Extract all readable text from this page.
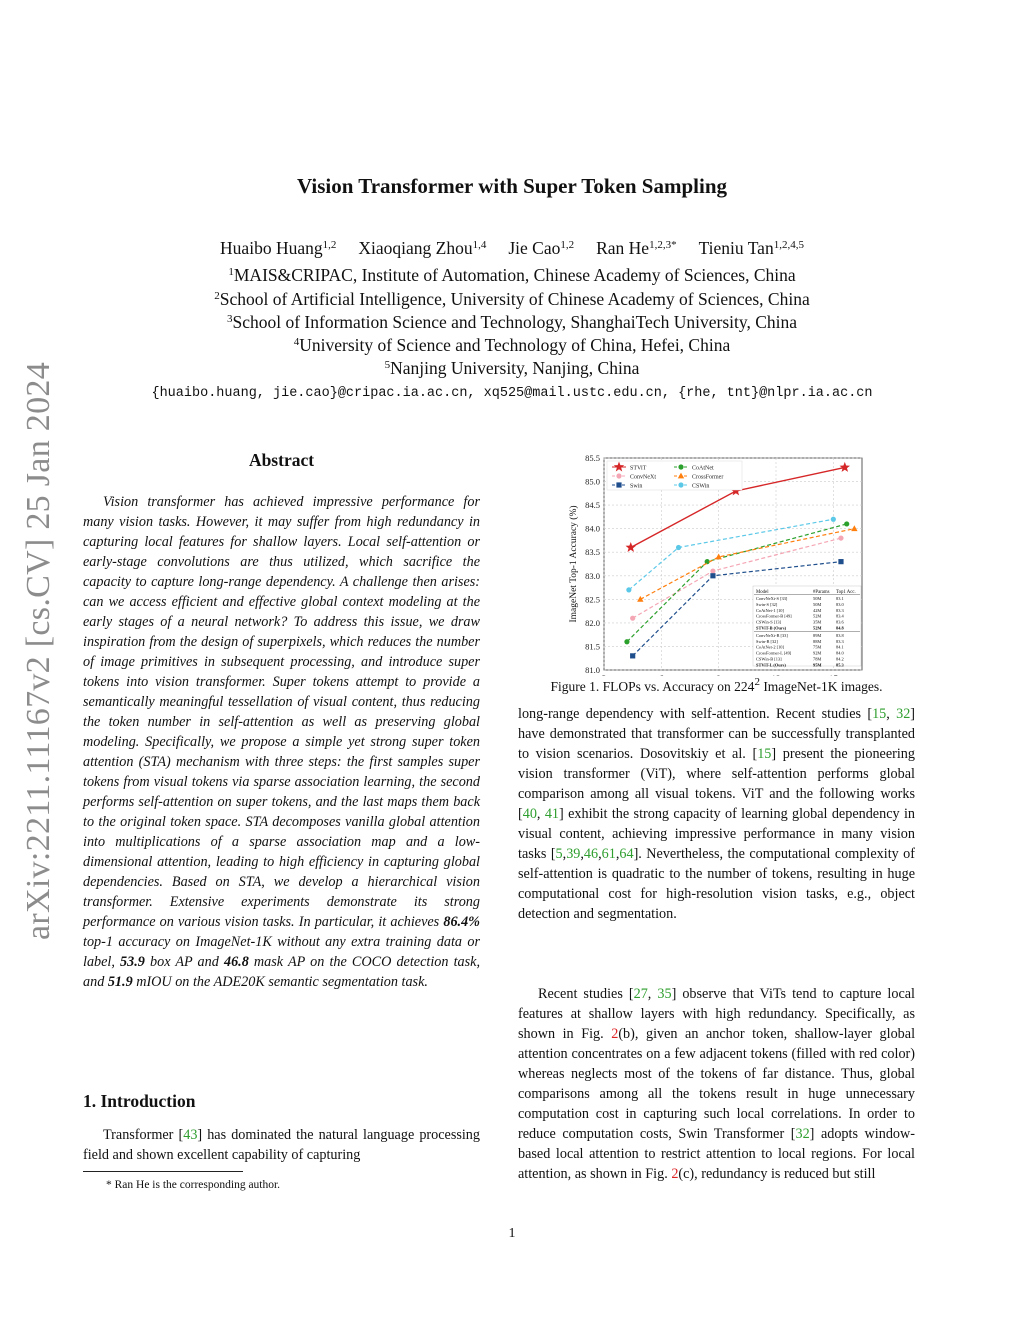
arXiv:2211.11167v2 [cs.CV] 25 Jan 2024
Vision Transformer with Super Token Sampling
Huaibo Huang$^{1,2}$ Xiaoqiang Zhou$^{1,4}$ Jie Cao$^{1,2}$ Ran $He^{1,2,3*}$ Tieniu Tan$^{1,2,4,5}$
$^1$MAIS&CRIPAC, Institute of Automation, Chinese Academy of Sciences, China
$^2$School of Artificial Intelligence, University of Chinese Academy of Sciences, China
$^3$School of Information Science and Technology, ShanghaiTech University, China
$^4$University of Science and Technology of China, Hefei, China
$^5$Nanjing University, Nanjing, China
{huaibo.huang, jie.cao}@cripac.ia.ac.cn, xq525@mail.ustc.edu.cn, {rhe, tnt}@nlpr.ia.ac.cn
Abstract

Vision transformer has achieved impressive performance for many vision tasks. However, it may suffer from high redundancy in capturing local features for shallow layers. Local self-attention or early-stage convolutions are thus utilized, which sacrifice the capacity to capture long-range dependency. A challenge then arises: can we access efficient and effective global context modeling at the early stages of a neural network? To address this issue, we draw inspiration from the design of superpixels, which reduces the number of image primitives in subsequent processing, and introduce super tokens into vision transformer. Super tokens attempt to provide a semantically meaningful tessellation of visual content, thus reducing the token number in self-attention as well as preserving global modeling. Specifically, we propose a simple yet strong super token attention (STA) mechanism with three steps: the first samples super tokens from visual tokens via sparse association learning, the second performs self-attention on super tokens, and the last maps them back to the original token space. STA decomposes vanilla global attention into multiplications of a sparse association map and a low-dimensional attention, leading to high efficiency in capturing global dependencies. Based on STA, we develop a hierarchical vision transformer. Extensive experiments demonstrate its strong performance on various vision tasks. In particular, it achieves 86.4% top-1 accuracy on ImageNet-1K without any extra training data or label, 53.9 box AP and 46.8 mask AP on the COCO detection task, and 51.9 mIOU on the ADE20K semantic segmentation task.

1. Introduction

Transformer [43] has dominated the natural language processing field and shown excellent capability of capturing

* Ran He is the corresponding author.
81.0
81.5
82.0
82.5
83.0
83.5
84.0
84.5
85.0
85.5
ImageNet Top-1 Accuracy (%)
STViT	CoAtNet
ConvNeXt	CrossFormer
Swin	CSWin
Model	#Params Top1 Acc.
ConvNeXt-S [33]	50M	83.1
Swin-S [32]	50M	83.0
CoAtNet-1 [10]	42M	83.3
CrossFormer-B [49]	52M	83.4
CSWin-S [13]	35M	83.6
STViT-B (Ours)	52M	84.8
ConvNeXt-B [33]	89M	83.8
Swin-B [32]	88M	83.3
CoAtNet-2 [10]	75M	84.1
CrossFormer-L [49]	92M	84.0
CSWin-B [13]	78M	84.2
STViT-L (Ours)	95M	85.3
Figure 1. FLOPs vs. Accuracy on $224^2$ ImageNet-1K images.

long-range dependency with self-attention. Recent studies [15, 32] have demonstrated that transformer can be successfully transplanted to vision scenarios. Dosovitskiy et al. [15] present the pioneering vision transformer (ViT), where self-attention performs global comparison among all visual tokens. ViT and the following works [40, 41] exhibit the strong capacity of learning global dependency in visual content, achieving impressive performance in many vision tasks [5,39,46,61,64]. Nevertheless, the computational complexity of self-attention is quadratic to the number of tokens, resulting in huge computational cost for high-resolution vision tasks, e.g., object detection and segmentation.

Recent studies [27, 35] observe that ViTs tend to capture local features at shallow layers with high redundancy. Specifically, as shown in Fig. 2(b), given an anchor token, shallow-layer global attention concentrates on a few adjacent tokens (filled with red color) whereas neglects most of the tokens of far distance. Thus, global comparisons among all the tokens result in huge unnecessary computation cost in capturing such local correlations. In order to reduce computation costs, Swin Transformer [32] adopts window-based local attention to restrict attention to local regions. For local attention, as shown in Fig. 2(c), redundancy is reduced but still

1
